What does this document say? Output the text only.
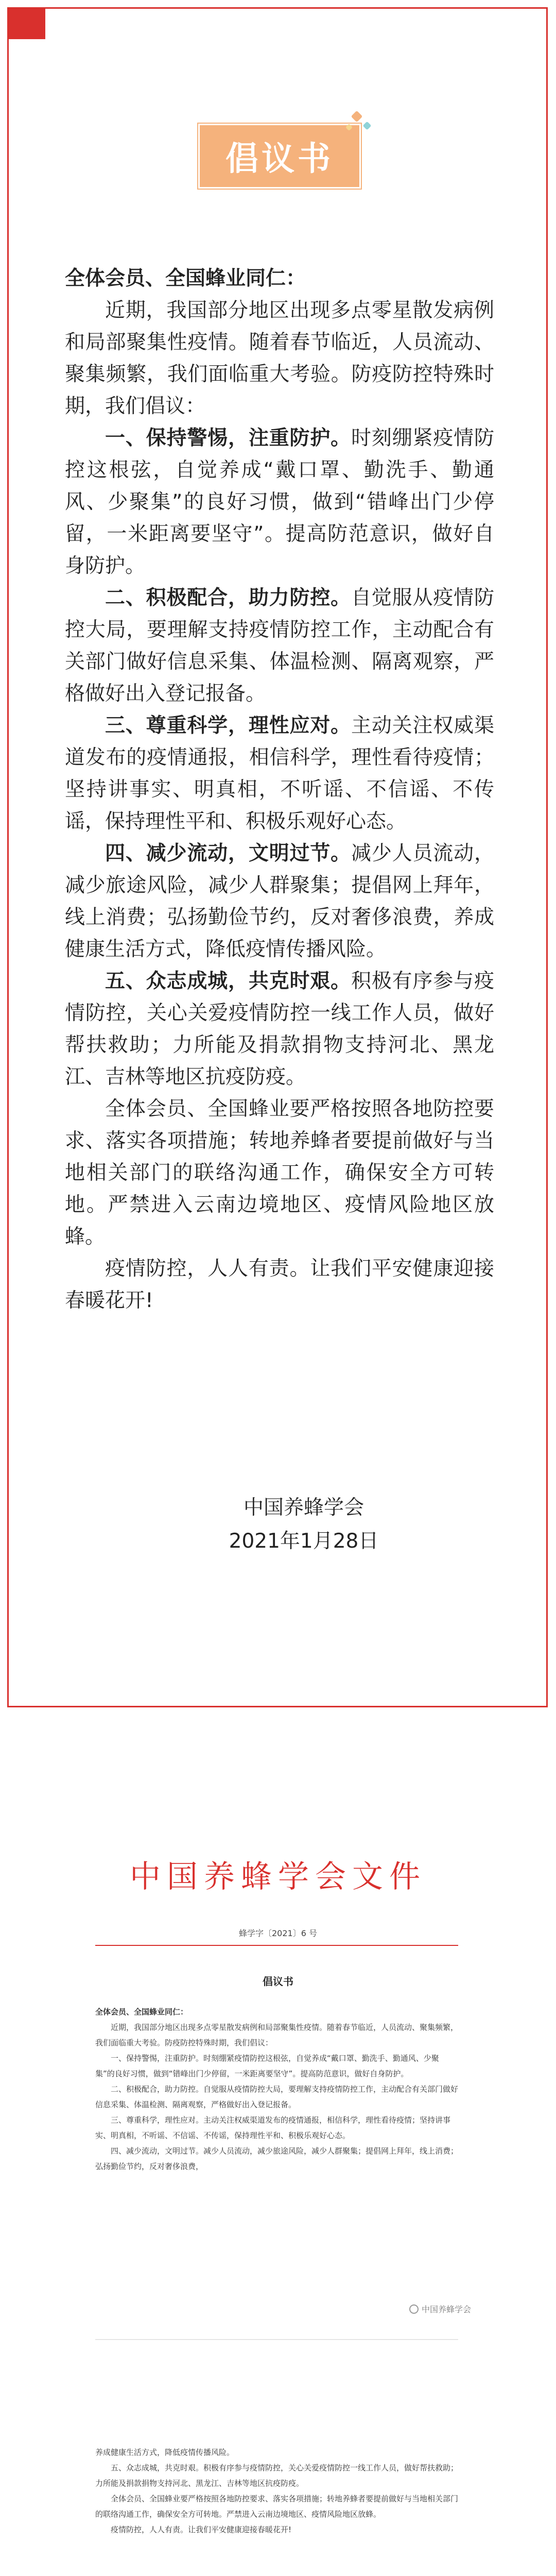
倡议书

全体会员、全国蜂业同仁：

近期，我国部分地区出现多点零星散发病例和局部聚集性疫情。随着春节临近，人员流动、聚集频繁，我们面临重大考验。防疫防控特殊时期，我们倡议：

一、保持警惕，注重防护。时刻绷紧疫情防控这根弦，自觉养成“戴口罩、勤洗手、勤通风、少聚集”的良好习惯，做到“错峰出门少停留，一米距离要坚守”。提高防范意识，做好自身防护。

二、积极配合，助力防控。自觉服从疫情防控大局，要理解支持疫情防控工作，主动配合有关部门做好信息采集、体温检测、隔离观察，严格做好出入登记报备。

三、尊重科学，理性应对。主动关注权威渠道发布的疫情通报，相信科学，理性看待疫情；坚持讲事实、明真相，不听谣、不信谣、不传谣，保持理性平和、积极乐观好心态。

四、减少流动，文明过节。减少人员流动，减少旅途风险，减少人群聚集；提倡网上拜年，线上消费；弘扬勤俭节约，反对奢侈浪费，养成健康生活方式，降低疫情传播风险。

五、众志成城，共克时艰。积极有序参与疫情防控，关心关爱疫情防控一线工作人员，做好帮扶救助；力所能及捐款捐物支持河北、黑龙江、吉林等地区抗疫防疫。

全体会员、全国蜂业要严格按照各地防控要求、落实各项措施；转地养蜂者要提前做好与当地相关部门的联络沟通工作，确保安全方可转地。严禁进入云南边境地区、疫情风险地区放蜂。

疫情防控，人人有责。让我们平安健康迎接春暖花开!

中国养蜂学会
2021年1月28日
中国养蜂学会文件
蜂学字〔2021〕6 号
倡议书

全体会员、全国蜂业同仁：

近期，我国部分地区出现多点零星散发病例和局部聚集性疫情。随着春节临近，人员流动、聚集频繁，我们面临重大考验。防疫防控特殊时期，我们倡议：

一、保持警惕，注重防护。时刻绷紧疫情防控这根弦，自觉养成“戴口罩、勤洗手、勤通风、少聚集”的良好习惯，做到“错峰出门少停留，一米距离要坚守”。提高防范意识，做好自身防护。

二、积极配合，助力防控。自觉服从疫情防控大局，要理解支持疫情防控工作，主动配合有关部门做好信息采集、体温检测、隔离观察，严格做好出入登记报备。

三、尊重科学，理性应对。主动关注权威渠道发布的疫情通报，相信科学，理性看待疫情；坚持讲事实、明真相，不听谣、不信谣、不传谣，保持理性平和、积极乐观好心态。

四、减少流动，文明过节。减少人员流动，减少旅途风险，减少人群聚集；提倡网上拜年，线上消费；弘扬勤俭节约，反对奢侈浪费，

中国养蜂学会

养成健康生活方式，降低疫情传播风险。

五、众志成城，共克时艰。积极有序参与疫情防控，关心关爱疫情防控一线工作人员，做好帮扶救助；力所能及捐款捐物支持河北、黑龙江、吉林等地区抗疫防疫。

全体会员、全国蜂业要严格按照各地防控要求、落实各项措施；转地养蜂者要提前做好与当地相关部门的联络沟通工作，确保安全方可转地。严禁进入云南边境地区、疫情风险地区放蜂。

疫情防控，人人有责。让我们平安健康迎接春暖花开!
